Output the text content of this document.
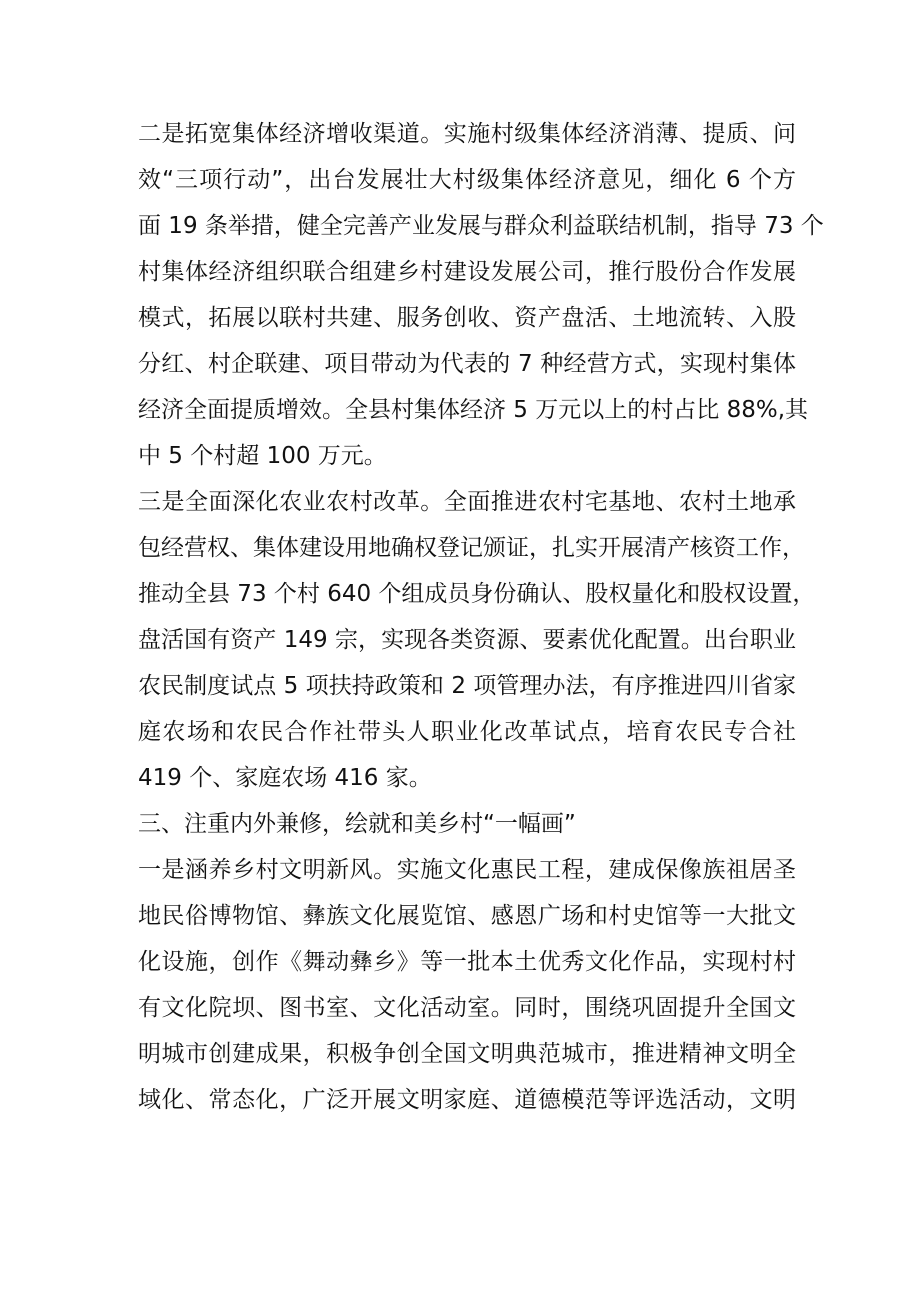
二是拓宽集体经济增收渠道。实施村级集体经济消薄、提质、问
效“三项行动”，出台发展壮大村级集体经济意见，细化 6 个方
面 19 条举措，健全完善产业发展与群众利益联结机制，指导 73 个
村集体经济组织联合组建乡村建设发展公司，推行股份合作发展
模式，拓展以联村共建、服务创收、资产盘活、土地流转、入股
分红、村企联建、项目带动为代表的 7 种经营方式，实现村集体
经济全面提质增效。全县村集体经济 5 万元以上的村占比 88%,其
中 5 个村超 100 万元。
三是全面深化农业农村改革。全面推进农村宅基地、农村土地承
包经营权、集体建设用地确权登记颁证，扎实开展清产核资工作，
推动全县 73 个村 640 个组成员身份确认、股权量化和股权设置，
盘活国有资产 149 宗，实现各类资源、要素优化配置。出台职业
农民制度试点 5 项扶持政策和 2 项管理办法，有序推进四川省家
庭农场和农民合作社带头人职业化改革试点，培育农民专合社
419 个、家庭农场 416 家。
三、注重内外兼修，绘就和美乡村“一幅画”
一是涵养乡村文明新风。实施文化惠民工程，建成保像族祖居圣
地民俗博物馆、彝族文化展览馆、感恩广场和村史馆等一大批文
化设施，创作《舞动彝乡》等一批本土优秀文化作品，实现村村
有文化院坝、图书室、文化活动室。同时，围绕巩固提升全国文
明城市创建成果，积极争创全国文明典范城市，推进精神文明全
域化、常态化，广泛开展文明家庭、道德模范等评选活动，文明
